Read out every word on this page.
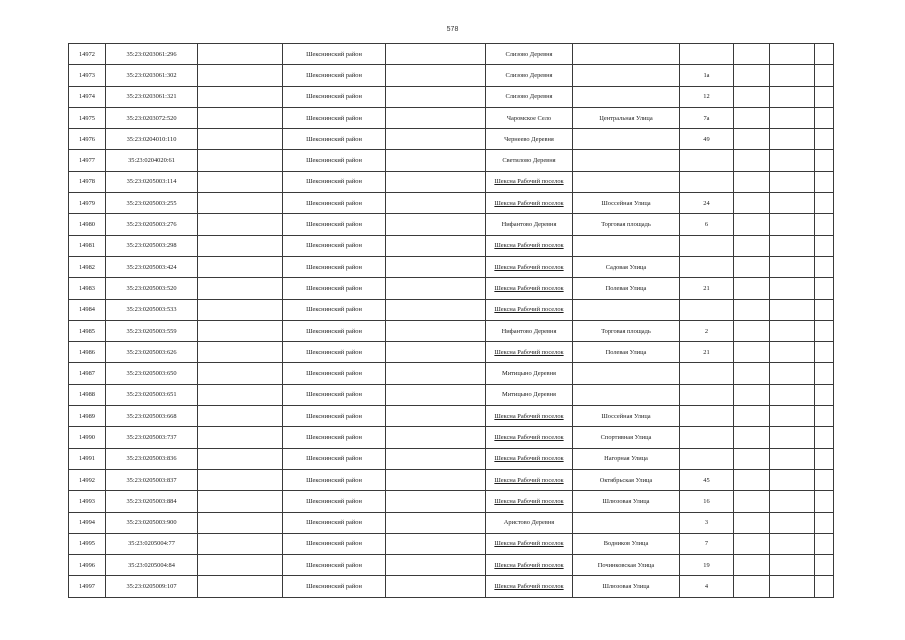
578
14972	35:23:0203061:296		Шекснинский район		Слизово Деревня					
14973	35:23:0203061:302		Шекснинский район		Слизово Деревня		1а			
14974	35:23:0203061:321		Шекснинский район		Слизово Деревня		12			
14975	35:23:0203072:520		Шекснинский район		Чаромское Село	Центральная Улица	7а			
14976	35:23:0204010:110		Шекснинский район		Чернеево Деревня		49			
14977	35:23:0204020:61		Шекснинский район		Светилово Деревня					
14978	35:23:0205003:114		Шекснинский район		Шексна Рабочий поселок					
14979	35:23:0205003:255		Шекснинский район		Шексна Рабочий поселок	Шоссейная Улица	24			
14980	35:23:0205003:276		Шекснинский район		Нифантово Деревня	Торговая площадь	6			
14981	35:23:0205003:298		Шекснинский район		Шексна Рабочий поселок					
14982	35:23:0205003:424		Шекснинский район		Шексна Рабочий поселок	Садовая Улица				
14983	35:23:0205003:520		Шекснинский район		Шексна Рабочий поселок	Полевая Улица	21			
14984	35:23:0205003:533		Шекснинский район		Шексна Рабочий поселок					
14985	35:23:0205003:559		Шекснинский район		Нифантово Деревня	Торговая площадь	2			
14986	35:23:0205003:626		Шекснинский район		Шексна Рабочий поселок	Полевая Улица	21			
14987	35:23:0205003:650		Шекснинский район		Митицыно Деревня					
14988	35:23:0205003:651		Шекснинский район		Митицыно Деревня					
14989	35:23:0205003:668		Шекснинский район		Шексна Рабочий поселок	Шоссейная Улица				
14990	35:23:0205003:737		Шекснинский район		Шексна Рабочий поселок	Спортивная Улица				
14991	35:23:0205003:836		Шекснинский район		Шексна Рабочий поселок	Нагорная Улица				
14992	35:23:0205003:837		Шекснинский район		Шексна Рабочий поселок	Октябрьская Улица	45			
14993	35:23:0205003:884		Шекснинский район		Шексна Рабочий поселок	Шлюзовая Улица	16			
14994	35:23:0205003:900		Шекснинский район		Аристово Деревня		3			
14995	35:23:0205004:77		Шекснинский район		Шексна Рабочий поселок	Водников Улица	7			
14996	35:23:0205004:84		Шекснинский район		Шексна Рабочий поселок	Починковская Улица	19			
14997	35:23:0205009:107		Шекснинский район		Шексна Рабочий поселок	Шлюзовая Улица	4			
